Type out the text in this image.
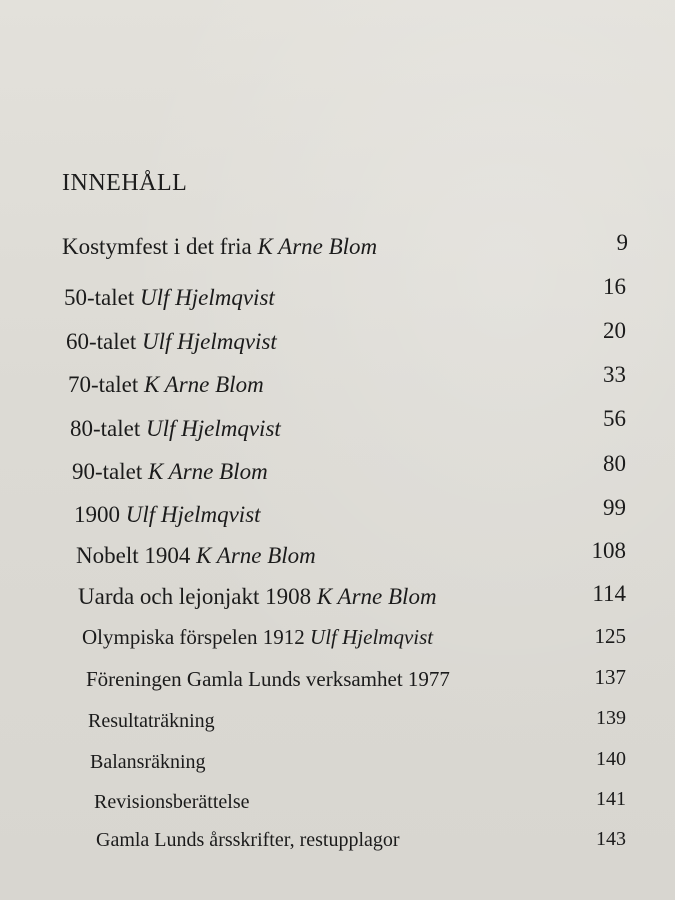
INNEHÅLL
Kostymfest i det fria K Arne Blom	9
50-talet Ulf Hjelmqvist	16
60-talet Ulf Hjelmqvist	20
70-talet K Arne Blom	33
80-talet Ulf Hjelmqvist	56
90-talet K Arne Blom	80
1900 Ulf Hjelmqvist	99
Nobelt 1904 K Arne Blom	108
Uarda och lejonjakt 1908 K Arne Blom	114
Olympiska förspelen 1912 Ulf Hjelmqvist	125
Föreningen Gamla Lunds verksamhet 1977	137
Resultaträkning	139
Balansräkning	140
Revisionsberättelse	141
Gamla Lunds årsskrifter, restupplagor	143
